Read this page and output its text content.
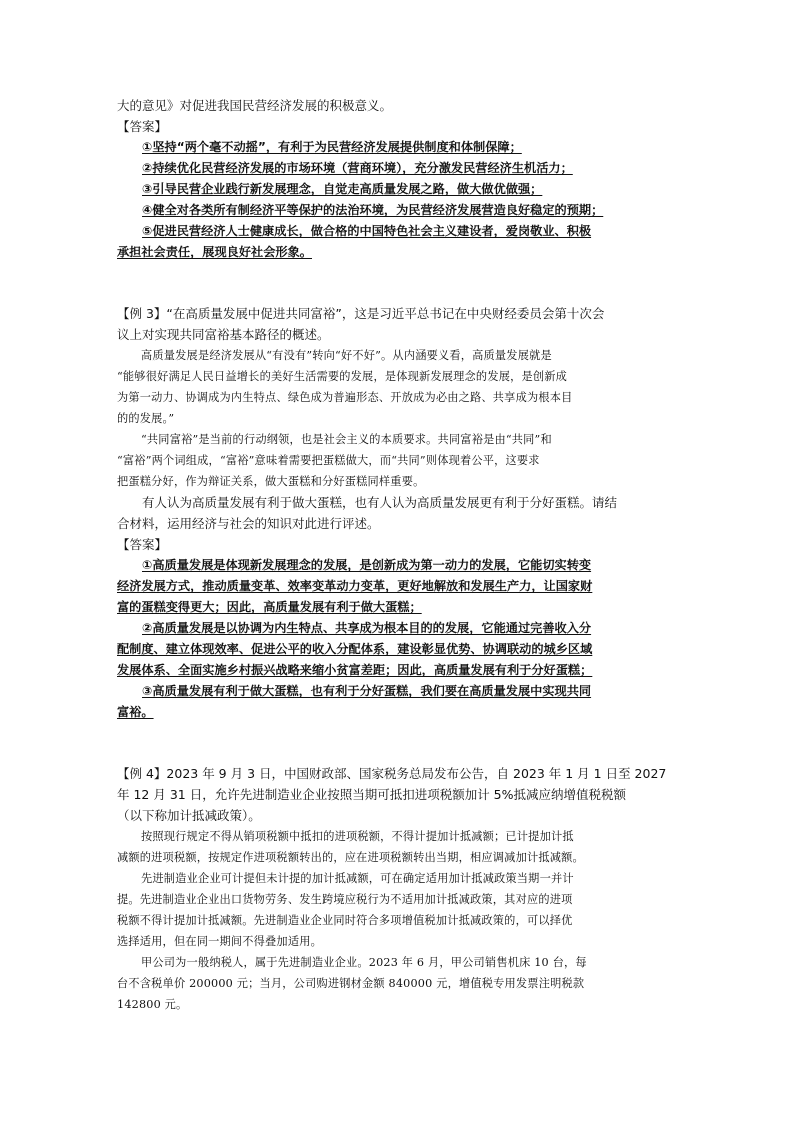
大的意见》对促进我国民营经济发展的积极意义。
【答案】
①坚持“两个毫不动摇”，有利于为民营经济发展提供制度和体制保障；
②持续优化民营经济发展的市场环境（营商环境），充分激发民营经济生机活力；
③引导民营企业践行新发展理念，自觉走高质量发展之路，做大做优做强；
④健全对各类所有制经济平等保护的法治环境，为民营经济发展营造良好稳定的预期；
⑤促进民营经济人士健康成长，做合格的中国特色社会主义建设者，爱岗敬业、积极
承担社会责任，展现良好社会形象。
【例 3】“在高质量发展中促进共同富裕”，这是习近平总书记在中央财经委员会第十次会
议上对实现共同富裕基本路径的概述。
高质量发展是经济发展从“有没有”转向“好不好”。从内涵要义看，高质量发展就是
“能够很好满足人民日益增长的美好生活需要的发展，是体现新发展理念的发展，是创新成
为第一动力、协调成为内生特点、绿色成为普遍形态、开放成为必由之路、共享成为根本目
的的发展。”
“共同富裕”是当前的行动纲领，也是社会主义的本质要求。共同富裕是由“共同”和
“富裕”两个词组成，“富裕”意味着需要把蛋糕做大，而“共同”则体现着公平，这要求
把蛋糕分好，作为辩证关系，做大蛋糕和分好蛋糕同样重要。
有人认为高质量发展有利于做大蛋糕，也有人认为高质量发展更有利于分好蛋糕。请结
合材料，运用经济与社会的知识对此进行评述。
【答案】
①高质量发展是体现新发展理念的发展，是创新成为第一动力的发展，它能切实转变
经济发展方式，推动质量变革、效率变革动力变革，更好地解放和发展生产力，让国家财
富的蛋糕变得更大；因此，高质量发展有利于做大蛋糕；
②高质量发展是以协调为内生特点、共享成为根本目的的发展，它能通过完善收入分
配制度、建立体现效率、促进公平的收入分配体系，建设彰显优势、协调联动的城乡区域
发展体系、全面实施乡村振兴战略来缩小贫富差距；因此，高质量发展有利于分好蛋糕；
③高质量发展有利于做大蛋糕，也有利于分好蛋糕，我们要在高质量发展中实现共同
富裕。
【例 4】2023 年 9 月 3 日，中国财政部、国家税务总局发布公告，自 2023 年 1 月 1 日至 2027
年 12 月 31 日，允许先进制造业企业按照当期可抵扣进项税额加计 5%抵减应纳增值税税额
（以下称加计抵减政策）。
按照现行规定不得从销项税额中抵扣的进项税额，不得计提加计抵减额；已计提加计抵
减额的进项税额，按规定作进项税额转出的，应在进项税额转出当期，相应调减加计抵减额。
先进制造业企业可计提但未计提的加计抵减额，可在确定适用加计抵减政策当期一并计
提。先进制造业企业出口货物劳务、发生跨境应税行为不适用加计抵减政策，其对应的进项
税额不得计提加计抵减额。先进制造业企业同时符合多项增值税加计抵减政策的，可以择优
选择适用，但在同一期间不得叠加适用。
甲公司为一般纳税人，属于先进制造业企业。2023 年 6 月，甲公司销售机床 10 台，每
台不含税单价 200000 元；当月，公司购进钢材金额 840000 元，增值税专用发票注明税款
142800 元。
